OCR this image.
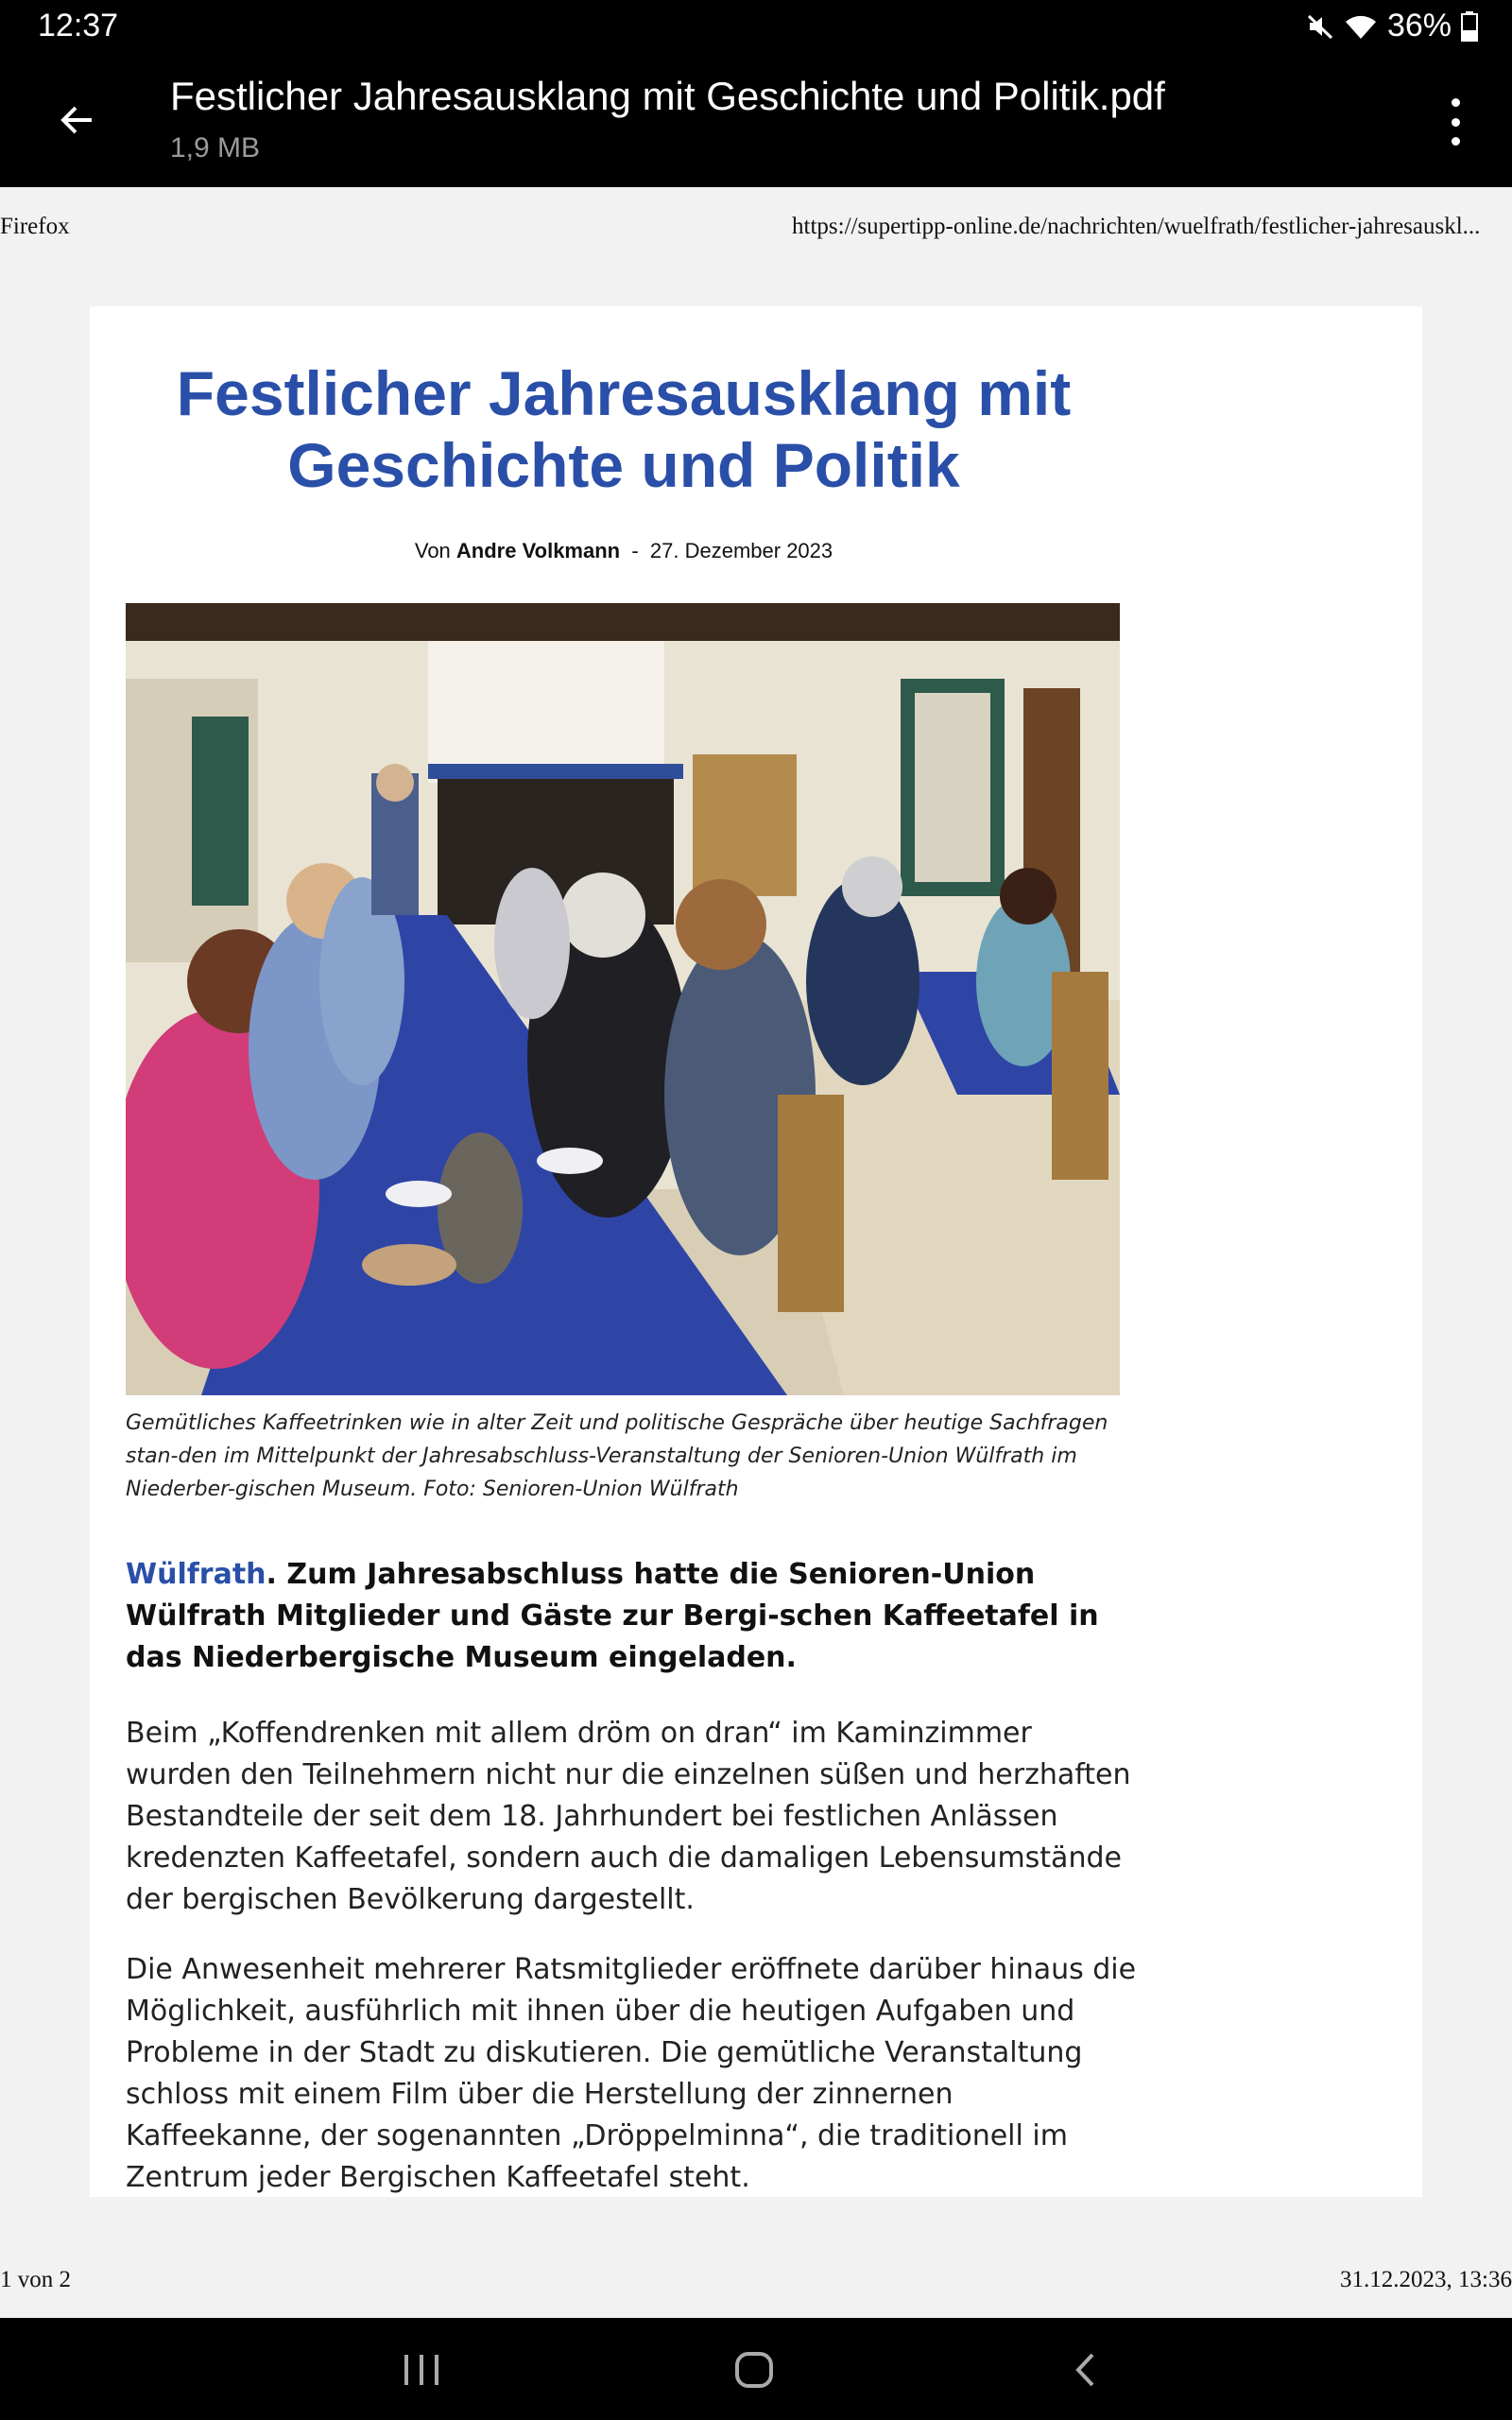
12:37	36%
Festlicher Jahresausklang mit Geschichte und Politik.pdf
1,9 MB
Firefox	https://supertipp-online.de/nachrichten/wuelfrath/festlicher-jahresauskl...
Festlicher Jahresausklang mit
Geschichte und Politik
Von Andre Volkmann - 27. Dezember 2023

Gemütliches Kaffeetrinken wie in alter Zeit und politische Gespräche über heutige Sachfragen stan-den im Mittelpunkt der Jahresabschluss-Veranstaltung der Senioren-Union Wülfrath im Niederber-gischen Museum. Foto: Senioren-Union Wülfrath

Wülfrath. Zum Jahresabschluss hatte die Senioren-Union Wülfrath Mitglieder und Gäste zur Bergi-schen Kaffeetafel in das Niederbergische Museum eingeladen.

Beim „Koffendrenken mit allem dröm on dran“ im Kaminzimmer wurden den Teilnehmern nicht nur die einzelnen süßen und herzhaften Bestandteile der seit dem 18. Jahrhundert bei festlichen Anlässen kredenzten Kaffeetafel, sondern auch die damaligen Lebensumstände der bergischen Bevölkerung dargestellt.

Die Anwesenheit mehrerer Ratsmitglieder eröffnete darüber hinaus die Möglichkeit, ausführlich mit ihnen über die heutigen Aufgaben und Probleme in der Stadt zu diskutieren. Die gemütliche Veranstaltung schloss mit einem Film über die Herstellung der zinnernen Kaffeekanne, der sogenannten „Dröppelminna“, die traditionell im Zentrum jeder Bergischen Kaffeetafel steht.

1 von 2	31.12.2023, 13:36
